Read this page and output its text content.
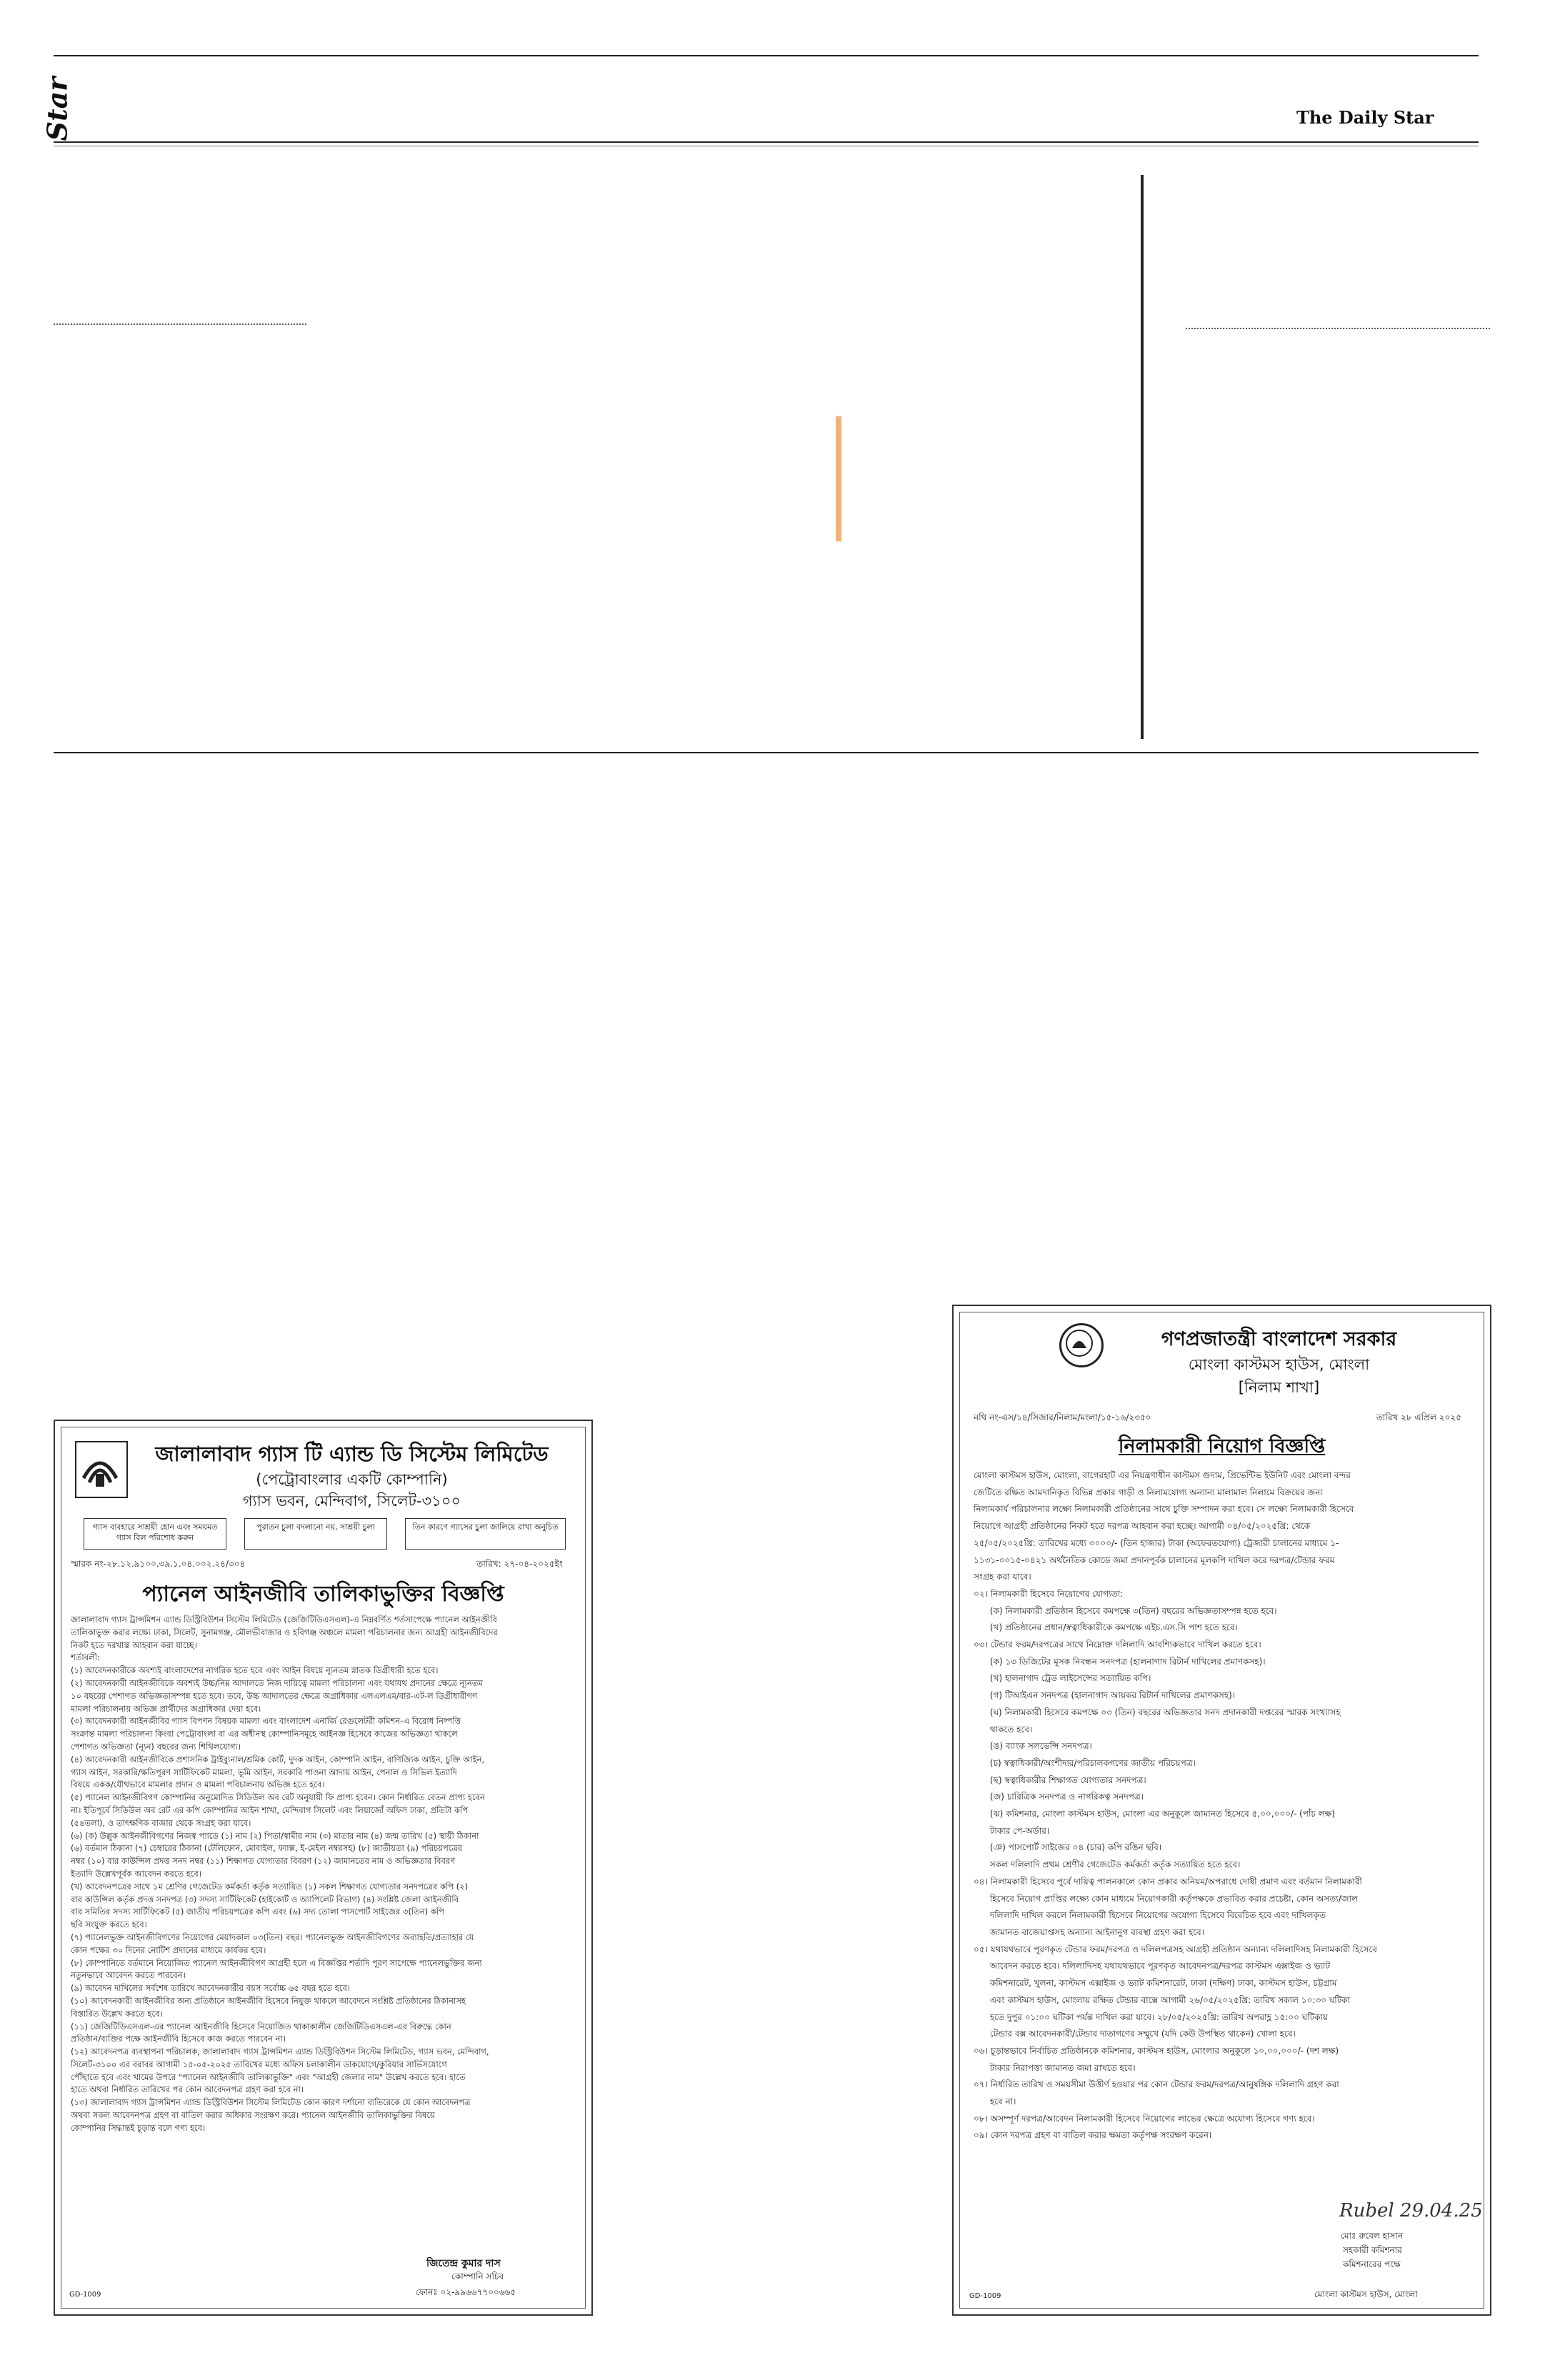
Star	The Daily Star
জালালাবাদ গ্যাস টি এ্যান্ড ডি সিস্টেম লিমিটেড
(পেট্রোবাংলার একটি কোম্পানি)
গ্যাস ভবন, মেন্দিবাগ, সিলেট-৩১০০
গ্যাস ব্যবহারে সাশ্রয়ী হোন এবং সময়মত গ্যাস বিল পরিশোধ করুন
পুরাতন চুলা বদলানো নয়, সাশ্রয়ী চুলা	তিন কারণে গ্যাসের চুলা জালিয়ে রাখা অনুচিত
স্মারক নং-২৮.১২.৯১০০.৩৯.১.০৪.০০২.২৪/৩০৪	তারিখ: ২৭-০৪-২০২৫ইং
প্যানেল আইনজীবি তালিকাভুক্তির বিজ্ঞপ্তি
জালালাবাদ গ্যাস ট্রান্সমিশন এ্যান্ড ডিস্ট্রিবিউশন সিস্টেম লিমিটেড (জেজিটিডিএসএল)-এ নিম্নবর্ণিত শর্তসাপেক্ষে প্যানেল আইনজীবি
তালিকাভুক্ত করার লক্ষ্যে ঢাকা, সিলেট, সুনামগঞ্জ, মৌলভীবাজার ও হবিগঞ্জ অঞ্চলে মামলা পরিচালনার জন্য আগ্রহী আইনজীবিদের
নিকট হতে দরখাস্ত আহবান করা যাচ্ছে।
শর্তাবলী:
(১) আবেদনকারীকে অবশ্যই বাংলাদেশের নাগরিক হতে হবে এবং আইন বিষয়ে ন্যূনতম স্নাতক ডিগ্রীধারী হতে হবে।
(২) আবেদনকারী আইনজীবিকে অবশ্যই উচ্চ/নিম্ন আদালতে নিজ দায়িত্বে মামলা পরিচালনা এবং যথাযথ প্রদানের ক্ষেত্রে ন্যূনতম
১০ বছরের পেশাগত অভিজ্ঞতাসম্পন্ন হতে হবে। তবে, উচ্চ আদালতের ক্ষেত্রে অগ্রাধিকার এলএলএম/বার-এট-ল ডিগ্রীধারীগণ
মামলা পরিচালনায় অভিজ্ঞ প্রার্থীদের অগ্রাধিকার দেয়া হবে।
(৩) আবেদনকারী আইনজীবির গ্যাস বিপণন বিষয়ক মামলা এবং বাংলাদেশ এনার্জি রেগুলেটরী কমিশন-এ বিরোধ নিষ্পত্তি
সংক্রান্ত মামলা পরিচালনা কিংবা পেট্রোবাংলা বা এর অধীনস্থ কোম্পানিসমূহে আইনজ্ঞ হিসেবে কাজের অভিজ্ঞতা থাকলে
পেশাগত অভিজ্ঞতা (ন্যূন) বছরের জন্য শিথিলযোগ্য।
(৪) আবেদনকারী আইনজীবিকে প্রশাসনিক ট্রাইব্যুনাল/শ্রমিক কোর্ট, দুদক আইন, কোম্পানি আইন, বাণিজ্যিক আইন, চুক্তি আইন,
গ্যাস আইন, সরকারি/ক্ষতিপূরণ সার্টিফিকেট মামলা, ভূমি আইন, সরকারি পাওনা আদায় আইন, পেনাল ও সিভিল ইত্যাদি
বিষয়ে একক/যৌথভাবে মামলার প্রদান ও মামলা পরিচালনায় অভিজ্ঞ হতে হবে।
(৫) প্যানেল আইনজীবিগণ কোম্পানির অনুমোদিত সিডিউল অব রেট অনুযায়ী ফি প্রাপ্য হবেন। কোন নির্ধারিত বেতন প্রাপ্য হবেন
না। ইতিপূর্বে সিডিউল অব রেট এর কপি কোম্পানির আইন শাখা, মেন্দিবাগ সিলেট এবং লিয়াজোঁ অফিস ঢাকা, প্রতিটা কপি
(৫৪তলা), ও তাৎক্ষণিক বাজার থেকে সংগ্রহ করা যাবে।
(৬) (ক) উল্লুক আইনজীবিগণের নিজস্ব প্যাডে (১) নাম (২) পিতা/স্বামীর নাম (৩) মাতার নাম (৪) জন্ম তারিখ (৫) স্থায়ী ঠিকানা
(৬) বর্তমান ঠিকানা (৭) চেম্বারের ঠিকানা (টেলিফোন, মোবাইল, ফ্যাক্স, ই-মেইল নম্বরসহ) (৮) জাতীয়তা (৯) পরিচয়পত্রের
নম্বর (১০) বার কাউন্সিল প্রদত্ত সনদ নম্বর (১১) শিক্ষাগত যোগ্যতার বিবরণ (১২) জামানতের নাম ও অভিজ্ঞতার বিবরণ
ইত্যাদি উল্লেখপূর্বক আবেদন করতে হবে।
(খ) আবেদনপত্রের সাথে ১ম শ্রেণির গেজেটেড কর্মকর্তা কর্তৃক সত্যায়িত (১) সকল শিক্ষাগত যোগ্যতার সনদপত্রের কপি (২)
বার কাউন্সিল কর্তৃক প্রদত্ত সনদপত্র (৩) সদস্য সার্টিফিকেট (হাইকোর্ট ও অ্যাপিলেট বিভাগ) (৪) সংশ্লিষ্ট জেলা আইনজীবি
বার সমিতির সদস্য সার্টিফিকেট (৫) জাতীয় পরিচয়পত্রের কপি এবং (৬) সদ্য তোলা পাসপোর্ট সাইজের ৩(তিন) কপি
ছবি সংযুক্ত করতে হবে।
(৭) প্যানেলভুক্ত আইনজীবিগণের নিয়োগের মেয়াদকাল ০৩(তিন) বছর। প্যানেলভুক্ত আইনজীবিগণের অব্যাহতি/প্রত্যাহার যে
কোন পক্ষের ৩০ দিনের নোটিশ প্রদানের মাধ্যমে কার্যকর হবে।
(৮) কোম্পানিতে বর্তমানে নিয়োজিত প্যানেল আইনজীবিগণ আগ্রহী হলে এ বিজ্ঞপ্তির শর্তাদি পূরণ সাপেক্ষে প্যানেলভুক্তির জন্য
নতুনভাবে আবেদন করতে পারবেন।
(৯) আবেদন দাখিলের সর্বশেষ তারিখে আবেদনকারীর বয়স সর্বোচ্চ ৬৫ বছর হতে হবে।
(১০) আবেদনকারী আইনজীবির অন্য প্রতিষ্ঠানে আইনজীবি হিসেবে নিযুক্ত থাকলে আবেদনে সংশ্লিষ্ট প্রতিষ্ঠানের ঠিকানাসহ
বিস্তারিত উল্লেখ করতে হবে।
(১১) জেজিটিডিএসএল-এর প্যানেল আইনজীবি হিসেবে নিয়োজিত থাকাকালীন জেজিটিডিএসএল-এর বিরুদ্ধে কোন
প্রতিষ্ঠান/ব্যক্তির পক্ষে আইনজীবি হিসেবে কাজ করতে পারবেন না।
(১২) আবেদনপত্র ব্যবস্থাপনা পরিচালক, জালালাবাদ গ্যাস ট্রান্সমিশন এ্যান্ড ডিস্ট্রিবিউশন সিস্টেম লিমিটেড, গ্যাস ভবন, মেন্দিবাগ,
সিলেট-৩১০০ এর বরাবর আগামী ১৫-০৫-২০২৫ তারিখের মধ্যে অফিস চলাকালীন ডাকযোগে/কুরিয়ার সার্ভিসযোগে
পৌঁছাতে হবে এবং খামের উপরে "প্যানেল আইনজীবি তালিকাভুক্তি" এবং "আগ্রহী জেলার নাম" উল্লেখ করতে হবে। হাতে
হাতে অথবা নির্ধারিত তারিখের পর কোন আবেদনপত্র গ্রহণ করা হবে না।
(১৩) জালালাবাদ গ্যাস ট্রান্সমিশন এ্যান্ড ডিস্ট্রিবিউশন সিস্টেম লিমিটেড কোন কারণ দর্শানো ব্যতিরেকে যে কোন আবেদনপত্র
অথবা সকল আবেদনপত্র গ্রহণ বা বাতিল করার অধিকার সংরক্ষণ করে। প্যানেল আইনজীবি তালিকাভুক্তির বিষয়ে
কোম্পানির সিদ্ধান্তই চূড়ান্ত বলে গণ্য হবে।
জিতেন্দ্র কুমার দাস
কোম্পানি সচিব
GD-1009	ফোনঃ ০২-৯৯৬৬৭৭০০৬৬৫
গণপ্রজাতন্ত্রী বাংলাদেশ সরকার
মোংলা কাস্টমস হাউস, মোংলা
[নিলাম শাখা]
নথি নং-এস/১৪/সিজার/নিলাম/মংলা/১৫-১৬/২৩৫০	তারিখ ২৮ এপ্রিল ২০২৫
নিলামকারী নিয়োগ বিজ্ঞপ্তি
মোংলা কাস্টমস হাউস, মোংলা, বাগেরহাট এর নিয়ন্ত্রণাধীন কাস্টমস গুদাম, প্রিভেন্টিভ ইউনিট এবং মোংলা বন্দর
জেটিতে রক্ষিত আমদানিকৃত বিভিন্ন প্রকার গাড়ী ও নিলামযোগ্য অন্যান্য মালামাল নিলামে বিক্রয়ের জন্য
নিলামকার্য পরিচালনার লক্ষ্যে নিলামকারী প্রতিষ্ঠানের সাথে চুক্তি সম্পাদন করা হবে। সে লক্ষ্যে নিলামকারী হিসেবে
নিয়োগে আগ্রহী প্রতিষ্ঠানের নিকট হতে দরপত্র আহবান করা হচ্ছে। আগামী ০৪/০৫/২০২৫খ্রি: থেকে
২৫/০৫/২০২৫খ্রি: তারিখের মধ্যে ৩০০০/- (তিন হাজার) টাকা (অফেরতযোগ্য) ট্রেজারী চালানের মাধ্যমে ১-
১১৩১-০০১৫-০৪২১ অর্থনৈতিক কোডে জমা প্রদানপূর্বক চালানের মূলকপি দাখিল করে দরপত্র/টেন্ডার ফরম
সংগ্রহ করা যাবে।
০২। নিলামকারী হিসেবে নিয়োগের যোগ্যতা:
(ক) নিলামকারী প্রতিষ্ঠান হিসেবে কমপক্ষে ৩(তিন) বছরের অভিজ্ঞতাসম্পন্ন হতে হবে।
(খ) প্রতিষ্ঠানের প্রধান/স্বত্বাধিকারীকে কমপক্ষে এইচ.এস.সি পাশ হতে হবে।
০৩। টেন্ডার ফরম/দরপত্রের সাথে নিম্নোক্ত দলিলাদি আবশ্যিকভাবে দাখিল করতে হবে।
(ক) ১৩ ডিজিটের মূসক নিবন্ধন সনদপত্র (হালনাগাদ রিটার্ন দাখিলের প্রমাণকসহ)।
(খ) হালনাগাদ ট্রেড লাইসেন্সের সত্যায়িত কপি।
(গ) টিআইএন সনদপত্র (হালনাগাদ আয়কর রিটার্ন দাখিলের প্রমাণকসহ)।
(ঘ) নিলামকারী হিসেবে কমপক্ষে ০৩ (তিন) বছরের অভিজ্ঞতার সনদ প্রদানকারী দপ্তরের স্মারক সংখ্যাসহ
থাকতে হবে।
(ঙ) ব্যাংক সলভেন্সি সনদপত্র।
(চ) স্বত্বাধিকারী/অংশীদার/পরিচালকগণের জাতীয় পরিচয়পত্র।
(ছ) স্বত্বাধিকারীর শিক্ষাগত যোগ্যতার সনদপত্র।
(জ) চারিত্রিক সনদপত্র ও নাগরিকত্ব সনদপত্র।
(ঝ) কমিশনার, মোংলা কাস্টমস হাউস, মোংলা এর অনুকূলে জামানত হিসেবে ৫,০০,০০০/- (পাঁচ লক্ষ)
টাকার পে-অর্ডার।
(ঞ) পাসপোর্ট সাইজের ০৪ (চার) কপি রঙিন ছবি।
সকল দলিলাদি প্রথম শ্রেণীর গেজেটেড কর্মকর্তা কর্তৃক সত্যায়িত হতে হবে।
০৪। নিলামকারী হিসেবে পূর্বে দায়িত্ব পালনকালে কোন প্রকার অনিয়ম/অপরাধে দোষী প্রমাণ এবং বর্তমান নিলামকারী
হিসেবে নিয়োগ প্রাপ্তির লক্ষ্যে কোন মাধ্যমে নিয়োগকারী কর্তৃপক্ষকে প্রভাবিত করার প্রচেষ্টা, কোন অসত্য/জাল
দলিলাদি দাখিল করলে নিলামকারী হিসেবে নিয়োগের অযোগ্য হিসেবে বিবেচিত হবে এবং দাখিলকৃত
জামানত বাজেয়াপ্তসহ অন্যান্য আইনানুগ ব্যবস্থা গ্রহণ করা হবে।
০৫। যথাযথভাবে পূরণকৃত টেন্ডার ফরম/দরপত্র ও দলিলপত্রসহ আগ্রহী প্রতিষ্ঠান অন্যান্য দলিলাদিসহ নিলামকারী হিসেবে
আবেদন করতে হবে। দলিলাদিসহ যথাযথভাবে পূরণকৃত আবেদনপত্র/দরপত্র কাস্টমস এক্সাইজ ও ভ্যাট
কমিশনারেট, খুলনা, কাস্টমস এক্সাইজ ও ভ্যাট কমিশনারেট, ঢাকা (দক্ষিণ) ঢাকা, কাস্টমস হাউস, চট্টগ্রাম
এবং কাস্টমস হাউস, মোংলায় রক্ষিত টেন্ডার বাক্সে আগামী ২৬/০৫/২০২৫খ্রি: তারিখ সকাল ১০:৩০ ঘটিকা
হতে দুপুর ০১:০০ ঘটিকা পর্যন্ত দাখিল করা যাবে। ২৮/০৫/২০২৫খ্রি: তারিখ অপরাহ্ণ ১৫:০০ ঘটিকায়
টেন্ডার বক্স আবেদনকারী/টেন্ডার দাতাগণের সম্মুখে (যদি কেউ উপস্থিত থাকেন) খোলা হবে।
০৬। চূড়ান্তভাবে নির্বাচিত প্রতিষ্ঠানকে কমিশনার, কাস্টমস হাউস, মোংলার অনুকূলে ১০,০০,০০০/- (দশ লক্ষ)
টাকার নিরাপত্তা জামানত জমা রাখতে হবে।
০৭। নির্ধারিত তারিখ ও সময়সীমা উত্তীর্ণ হওয়ার পর কোন টেন্ডার ফরম/দরপত্র/আনুষঙ্গিক দলিলাদি গ্রহণ করা
হবে না।
০৮। অসম্পূর্ণ দরপত্র/আবেদন নিলামকারী হিসেবে নিয়োগের লাভের ক্ষেত্রে অযোগ্য হিসেবে গণ্য হবে।
০৯। কোন দরপত্র গ্রহণ বা বাতিল করার ক্ষমতা কর্তৃপক্ষ সংরক্ষণ করেন।
Rubel 29.04.25
মোঃ রুবেল হাসান
সহকারী কমিশনার
কমিশনারের পক্ষে
GD-1009	মোংলা কাস্টমস হাউস, মোংলা
